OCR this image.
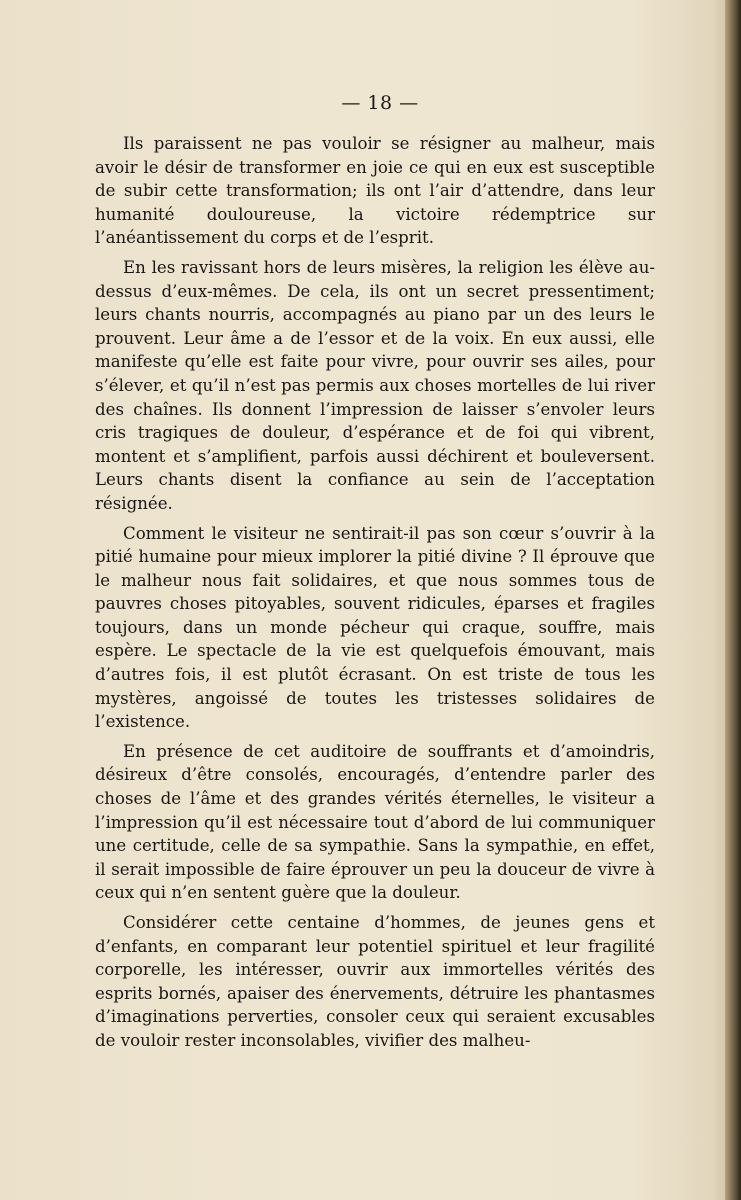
— 18 —

Ils paraissent ne pas vouloir se résigner au malheur, mais avoir le désir de transformer en joie ce qui en eux est susceptible de subir cette transformation; ils ont l’air d’attendre, dans leur humanité douloureuse, la victoire rédemptrice sur l’anéantissement du corps et de l’esprit.

En les ravissant hors de leurs misères, la religion les élève au-dessus d’eux-mêmes. De cela, ils ont un secret pressentiment; leurs chants nourris, accompagnés au piano par un des leurs le prouvent. Leur âme a de l’essor et de la voix. En eux aussi, elle manifeste qu’elle est faite pour vivre, pour ouvrir ses ailes, pour s’élever, et qu’il n’est pas permis aux choses mortelles de lui river des chaînes. Ils donnent l’impression de laisser s’envoler leurs cris tragiques de douleur, d’espérance et de foi qui vibrent, montent et s’amplifient, parfois aussi déchirent et bouleversent. Leurs chants disent la confiance au sein de l’acceptation résignée.

Comment le visiteur ne sentirait-il pas son cœur s’ouvrir à la pitié humaine pour mieux implorer la pitié divine ? Il éprouve que le malheur nous fait solidaires, et que nous sommes tous de pauvres choses pitoyables, souvent ridicules, éparses et fragiles toujours, dans un monde pécheur qui craque, souffre, mais espère. Le spectacle de la vie est quelquefois émouvant, mais d’autres fois, il est plutôt écrasant. On est triste de tous les mystères, angoissé de toutes les tristesses solidaires de l’existence.

En présence de cet auditoire de souffrants et d’amoindris, désireux d’être consolés, encouragés, d’entendre parler des choses de l’âme et des grandes vérités éternelles, le visiteur a l’impression qu’il est nécessaire tout d’abord de lui communiquer une certitude, celle de sa sympathie. Sans la sympathie, en effet, il serait impossible de faire éprouver un peu la douceur de vivre à ceux qui n’en sentent guère que la douleur.

Considérer cette centaine d’hommes, de jeunes gens et d’enfants, en comparant leur potentiel spirituel et leur fragilité corporelle, les intéresser, ouvrir aux immortelles vérités des esprits bornés, apaiser des énervements, détruire les phantasmes d’imaginations perverties, consoler ceux qui seraient excusables de vouloir rester inconsolables, vivifier des malheu-
